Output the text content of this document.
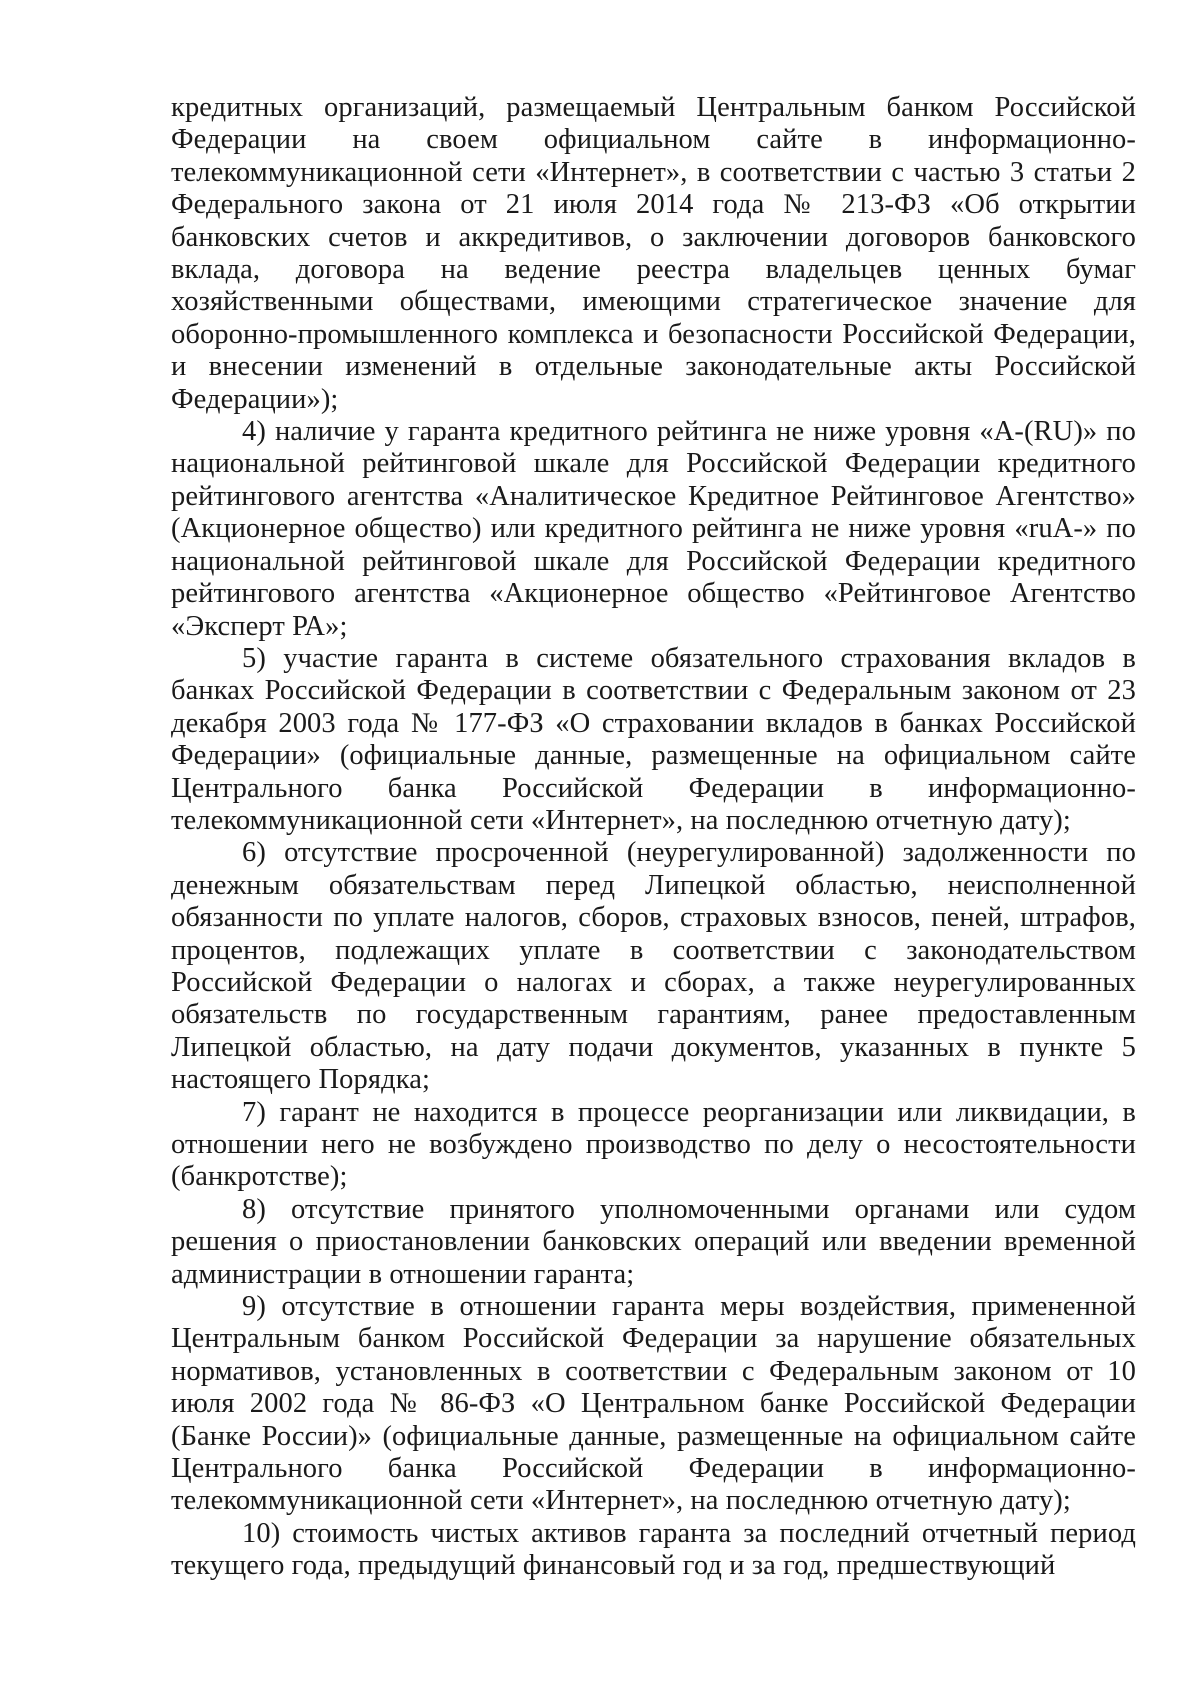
кредитных организаций, размещаемый Центральным банком Российской Федерации на своем официальном сайте в информационно-телекоммуникационной сети «Интернет», в соответствии с частью 3 статьи 2 Федерального закона от 21 июля 2014 года № 213-ФЗ «Об открытии банковских счетов и аккредитивов, о заключении договоров банковского вклада, договора на ведение реестра владельцев ценных бумаг хозяйственными обществами, имеющими стратегическое значение для оборонно-промышленного комплекса и безопасности Российской Федерации, и внесении изменений в отдельные законодательные акты Российской Федерации»);

4) наличие у гаранта кредитного рейтинга не ниже уровня «A-(RU)» по национальной рейтинговой шкале для Российской Федерации кредитного рейтингового агентства «Аналитическое Кредитное Рейтинговое Агентство» (Акционерное общество) или кредитного рейтинга не ниже уровня «ruA-» по национальной рейтинговой шкале для Российской Федерации кредитного рейтингового агентства «Акционерное общество «Рейтинговое Агентство «Эксперт РА»;

5) участие гаранта в системе обязательного страхования вкладов в банках Российской Федерации в соответствии с Федеральным законом от 23 декабря 2003 года № 177-ФЗ «О страховании вкладов в банках Российской Федерации» (официальные данные, размещенные на официальном сайте Центрального банка Российской Федерации в информационно-телекоммуникационной сети «Интернет», на последнюю отчетную дату);

6) отсутствие просроченной (неурегулированной) задолженности по денежным обязательствам перед Липецкой областью, неисполненной обязанности по уплате налогов, сборов, страховых взносов, пеней, штрафов, процентов, подлежащих уплате в соответствии с законодательством Российской Федерации о налогах и сборах, а также неурегулированных обязательств по государственным гарантиям, ранее предоставленным Липецкой областью, на дату подачи документов, указанных в пункте 5 настоящего Порядка;

7) гарант не находится в процессе реорганизации или ликвидации, в отношении него не возбуждено производство по делу о несостоятельности (банкротстве);

8) отсутствие принятого уполномоченными органами или судом решения о приостановлении банковских операций или введении временной администрации в отношении гаранта;

9) отсутствие в отношении гаранта меры воздействия, примененной Центральным банком Российской Федерации за нарушение обязательных нормативов, установленных в соответствии с Федеральным законом от 10 июля 2002 года № 86-ФЗ «О Центральном банке Российской Федерации (Банке России)» (официальные данные, размещенные на официальном сайте Центрального банка Российской Федерации в информационно-телекоммуникационной сети «Интернет», на последнюю отчетную дату);

10) стоимость чистых активов гаранта за последний отчетный период текущего года, предыдущий финансовый год и за год, предшествующий
